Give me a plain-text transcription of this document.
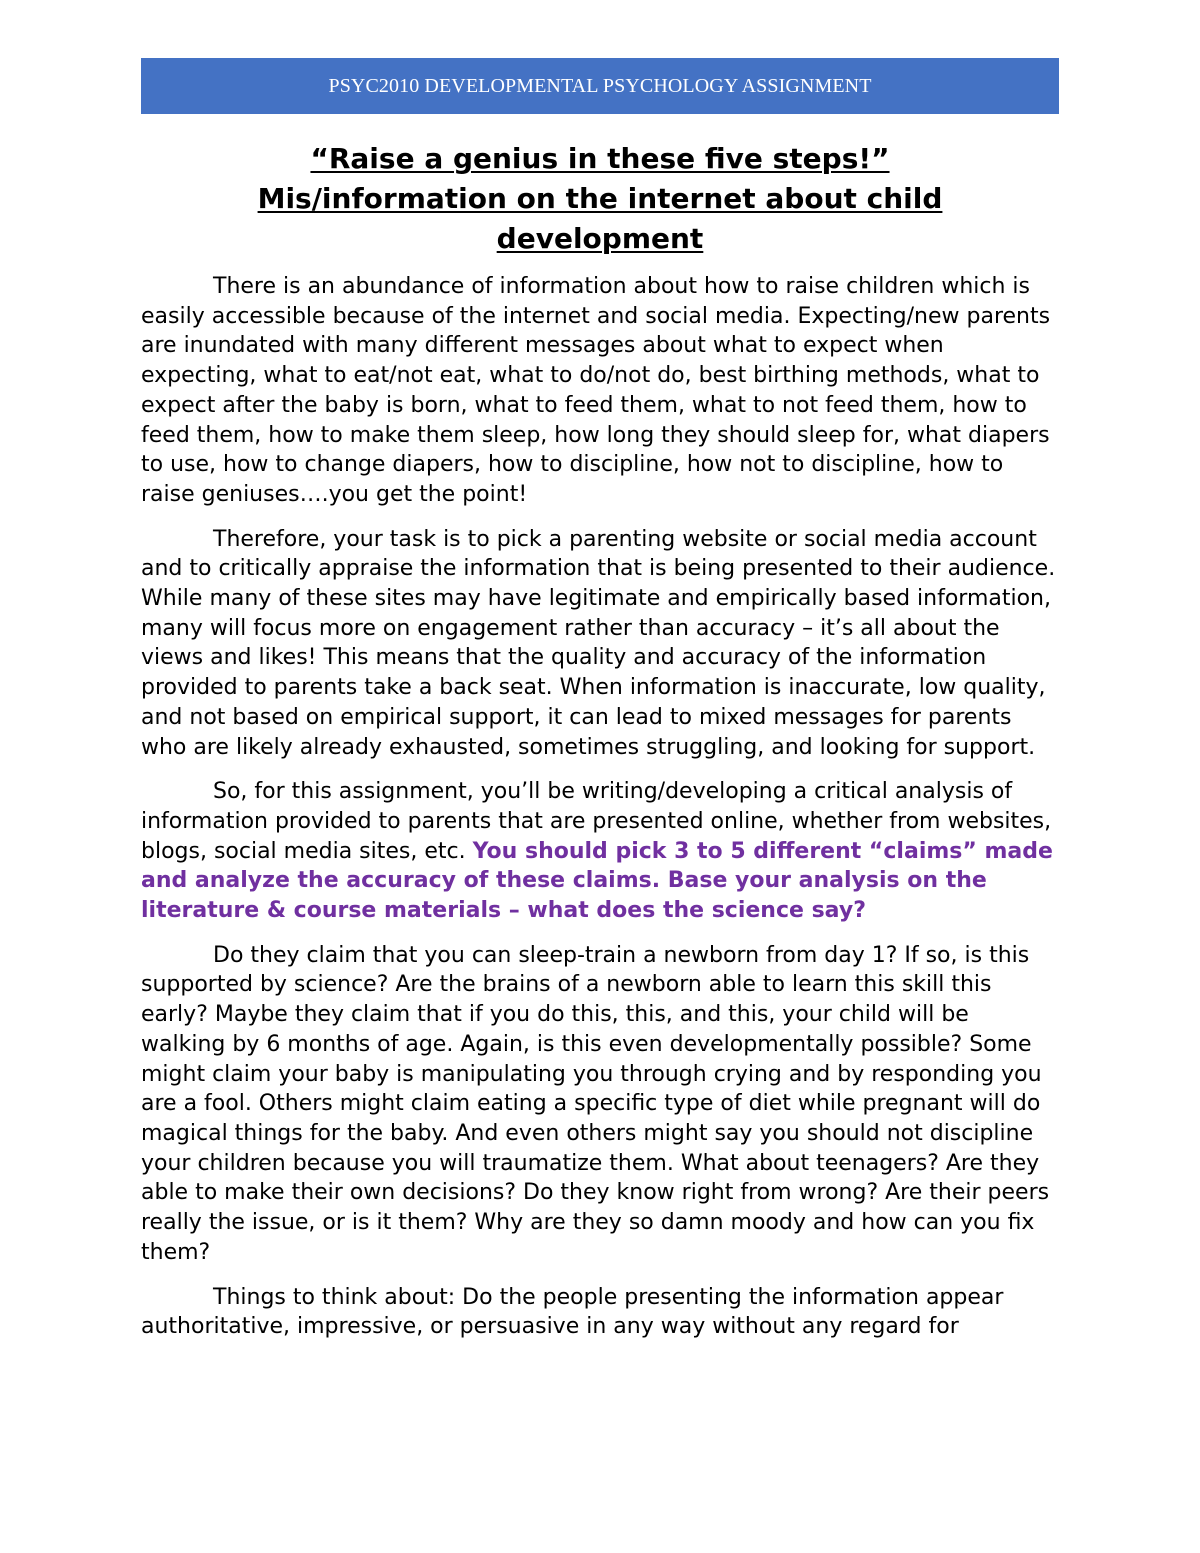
PSYC2010 DEVELOPMENTAL PSYCHOLOGY ASSIGNMENT
“Raise a genius in these five steps!”
Mis/information on the internet about child
development

There is an abundance of information about how to raise children which is easily accessible because of the internet and social media. Expecting/new parents are inundated with many different messages about what to expect when expecting, what to eat/not eat, what to do/not do, best birthing methods, what to expect after the baby is born, what to feed them, what to not feed them, how to feed them, how to make them sleep, how long they should sleep for, what diapers to use, how to change diapers, how to discipline, how not to discipline, how to raise geniuses….you get the point!

Therefore, your task is to pick a parenting website or social media account and to critically appraise the information that is being presented to their audience. While many of these sites may have legitimate and empirically based information, many will focus more on engagement rather than accuracy – it’s all about the views and likes! This means that the quality and accuracy of the information provided to parents take a back seat. When information is inaccurate, low quality, and not based on empirical support, it can lead to mixed messages for parents who are likely already exhausted, sometimes struggling, and looking for support.

So, for this assignment, you’ll be writing/developing a critical analysis of information provided to parents that are presented online, whether from websites, blogs, social media sites, etc. You should pick 3 to 5 different “claims” made and analyze the accuracy of these claims. Base your analysis on the literature & course materials – what does the science say?

Do they claim that you can sleep-train a newborn from day 1? If so, is this supported by science? Are the brains of a newborn able to learn this skill this early? Maybe they claim that if you do this, this, and this, your child will be walking by 6 months of age. Again, is this even developmentally possible? Some might claim your baby is manipulating you through crying and by responding you are a fool. Others might claim eating a specific type of diet while pregnant will do magical things for the baby. And even others might say you should not discipline your children because you will traumatize them. What about teenagers? Are they able to make their own decisions? Do they know right from wrong? Are their peers really the issue, or is it them? Why are they so damn moody and how can you fix them?

Things to think about: Do the people presenting the information appear authoritative, impressive, or persuasive in any way without any regard for
